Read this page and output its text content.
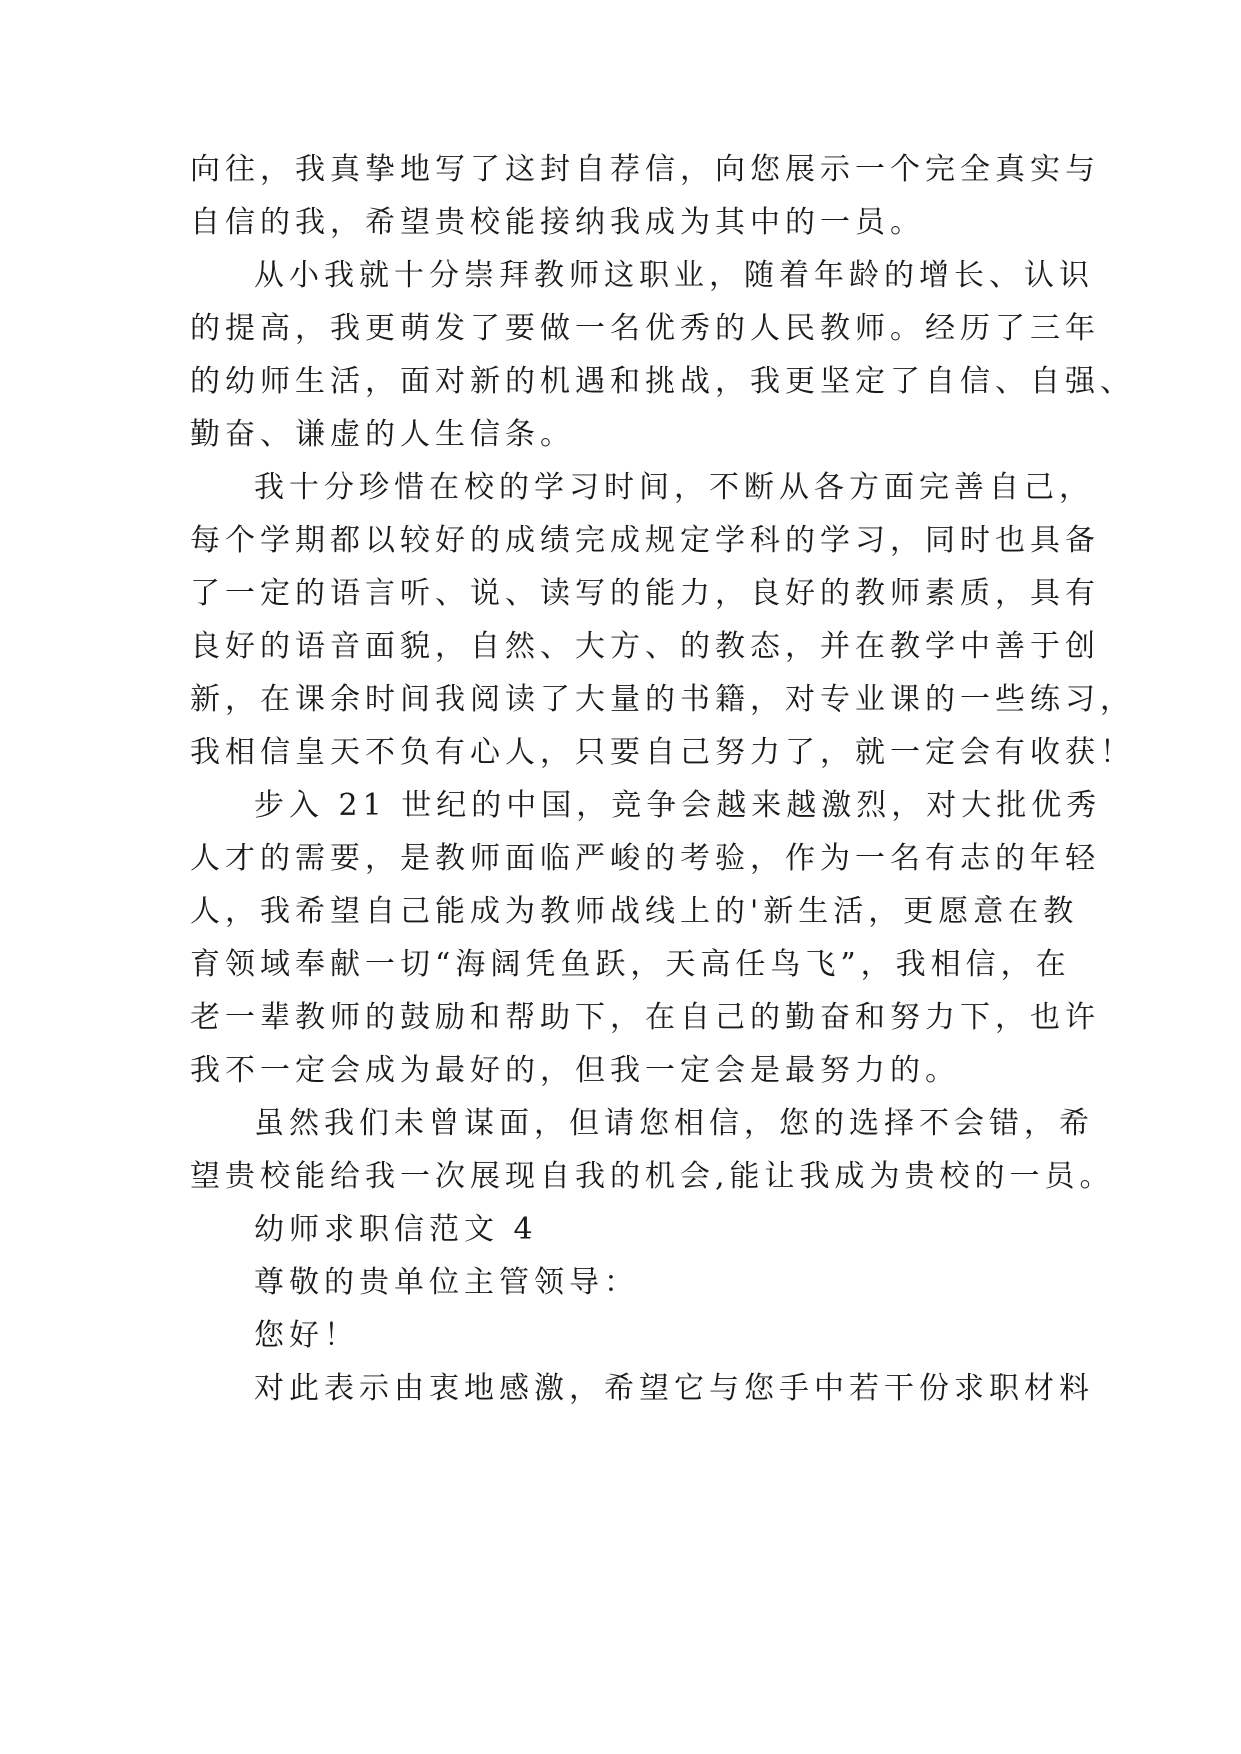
向往，我真挚地写了这封自荐信，向您展示一个完全真实与
自信的我，希望贵校能接纳我成为其中的一员。
从小我就十分崇拜教师这职业，随着年龄的增长、认识
的提高，我更萌发了要做一名优秀的人民教师。经历了三年
的幼师生活，面对新的机遇和挑战，我更坚定了自信、自强、
勤奋、谦虚的人生信条。
我十分珍惜在校的学习时间，不断从各方面完善自己，
每个学期都以较好的成绩完成规定学科的学习，同时也具备
了一定的语言听、说、读写的能力，良好的教师素质，具有
良好的语音面貌，自然、大方、的教态，并在教学中善于创
新，在课余时间我阅读了大量的书籍，对专业课的一些练习，
我相信皇天不负有心人，只要自己努力了，就一定会有收获！
步入 21 世纪的中国，竞争会越来越激烈，对大批优秀
人才的需要，是教师面临严峻的考验，作为一名有志的年轻
人，我希望自己能成为教师战线上的'新生活，更愿意在教
育领域奉献一切“海阔凭鱼跃，天高任鸟飞”，我相信，在
老一辈教师的鼓励和帮助下，在自己的勤奋和努力下，也许
我不一定会成为最好的，但我一定会是最努力的。
虽然我们未曾谋面，但请您相信，您的选择不会错，希
望贵校能给我一次展现自我的机会,能让我成为贵校的一员。
幼师求职信范文 4
尊敬的贵单位主管领导：
您好！
对此表示由衷地感激，希望它与您手中若干份求职材料
